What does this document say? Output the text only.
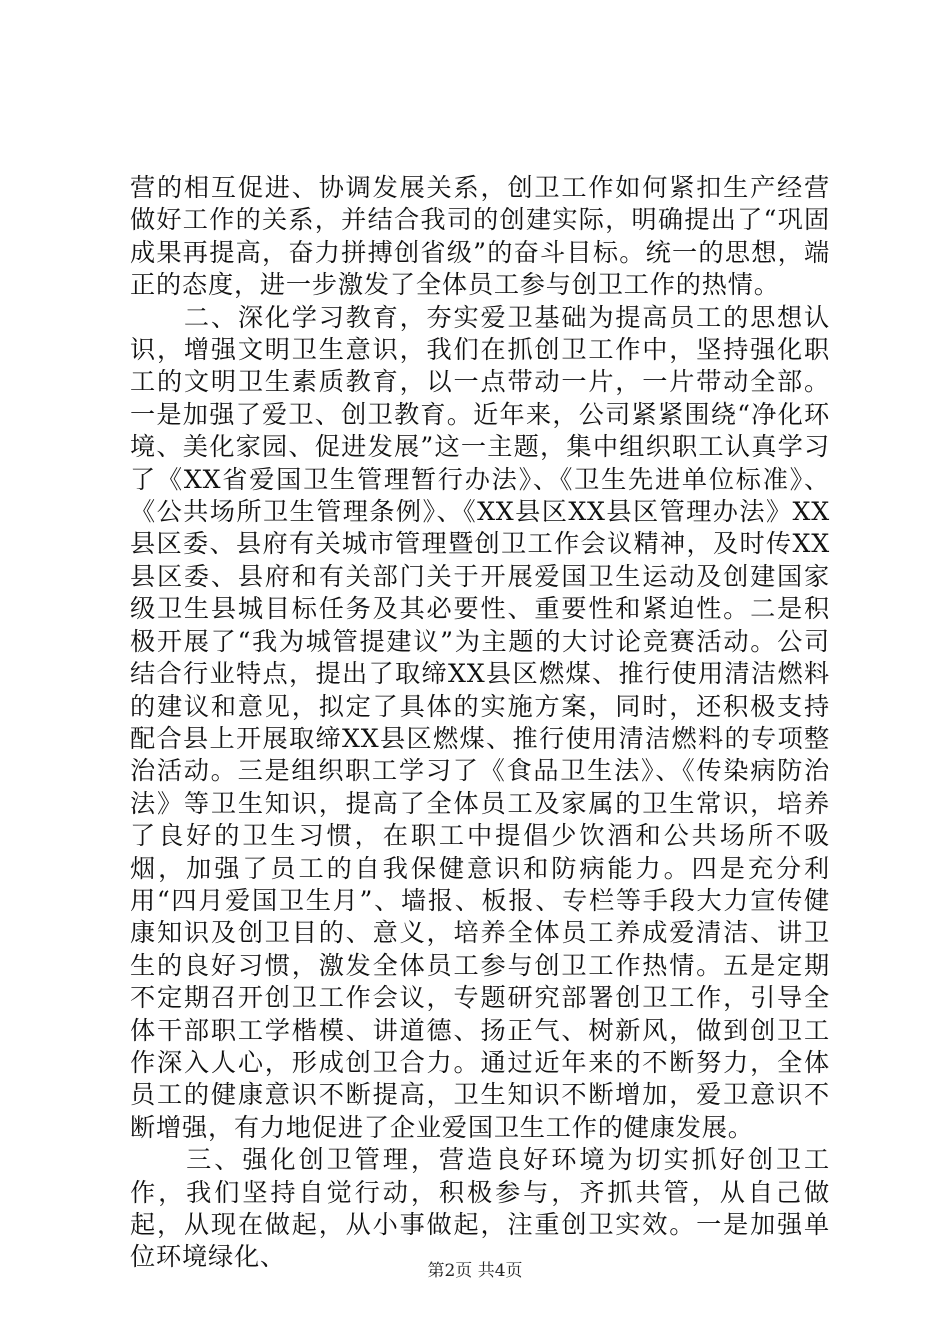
营的相互促进、协调发展关系，创卫工作如何紧扣生产经营做好工作的关系，并结合我司的创建实际，明确提出了“巩固成果再提高，奋力拼搏创省级”的奋斗目标。统一的思想，端正的态度，进一步激发了全体员工参与创卫工作的热情。

　　二、深化学习教育，夯实爱卫基础为提高员工的思想认识，增强文明卫生意识，我们在抓创卫工作中，坚持强化职工的文明卫生素质教育，以一点带动一片，一片带动全部。一是加强了爱卫、创卫教育。近年来，公司紧紧围绕“净化环境、美化家园、促进发展”这一主题，集中组织职工认真学习了《XX省爱国卫生管理暂行办法》、《卫生先进单位标准》、《公共场所卫生管理条例》、《XX县区XX县区管理办法》XX县区委、县府有关城市管理暨创卫工作会议精神，及时传XX县区委、县府和有关部门关于开展爱国卫生运动及创建国家级卫生县城目标任务及其必要性、重要性和紧迫性。二是积极开展了“我为城管提建议”为主题的大讨论竞赛活动。公司结合行业特点，提出了取缔XX县区燃煤、推行使用清洁燃料的建议和意见，拟定了具体的实施方案，同时，还积极支持配合县上开展取缔XX县区燃煤、推行使用清洁燃料的专项整治活动。三是组织职工学习了《食品卫生法》、《传染病防治法》等卫生知识，提高了全体员工及家属的卫生常识，培养了良好的卫生习惯，在职工中提倡少饮酒和公共场所不吸烟，加强了员工的自我保健意识和防病能力。四是充分利用“四月爱国卫生月”、墙报、板报、专栏等手段大力宣传健康知识及创卫目的、意义，培养全体员工养成爱清洁、讲卫生的良好习惯，激发全体员工参与创卫工作热情。五是定期不定期召开创卫工作会议，专题研究部署创卫工作，引导全体干部职工学楷模、讲道德、扬正气、树新风，做到创卫工作深入人心，形成创卫合力。通过近年来的不断努力，全体员工的健康意识不断提高，卫生知识不断增加，爱卫意识不断增强，有力地促进了企业爱国卫生工作的健康发展。

　　三、强化创卫管理，营造良好环境为切实抓好创卫工作，我们坚持自觉行动，积极参与，齐抓共管，从自己做起，从现在做起，从小事做起，注重创卫实效。一是加强单位环境绿化、	第2页 共4页
